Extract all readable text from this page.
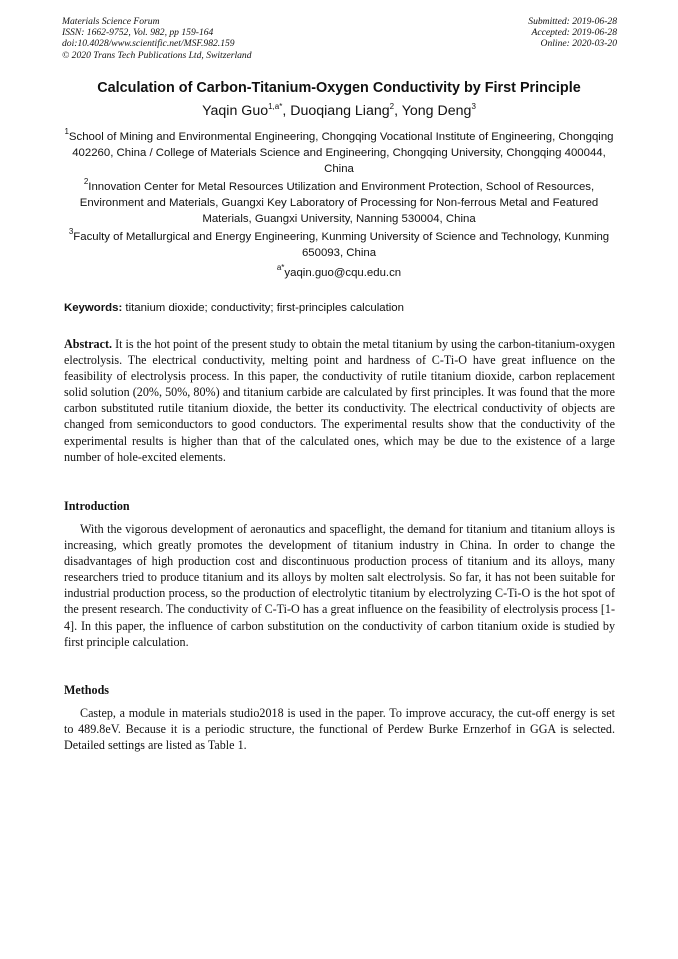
Materials Science Forum
ISSN: 1662-9752, Vol. 982, pp 159-164
doi:10.4028/www.scientific.net/MSF.982.159
© 2020 Trans Tech Publications Ltd, Switzerland
Submitted: 2019-06-28
Accepted: 2019-06-28
Online: 2020-03-20
Calculation of Carbon-Titanium-Oxygen Conductivity by First Principle
Yaqin Guo$^{1,a*}$, Duoqiang Liang$^2$, Yong Deng$^3$
$^1$School of Mining and Environmental Engineering, Chongqing Vocational Institute of Engineering, Chongqing 402260, China / College of Materials Science and Engineering, Chongqing University, Chongqing 400044, China
$^2$Innovation Center for Metal Resources Utilization and Environment Protection, School of Resources, Environment and Materials, Guangxi Key Laboratory of Processing for Non-ferrous Metal and Featured Materials, Guangxi University, Nanning 530004, China
$^3$Faculty of Metallurgical and Energy Engineering, Kunming University of Science and Technology, Kunming 650093, China
$^{a*}$yaqin.guo@cqu.edu.cn
Keywords: titanium dioxide; conductivity; first-principles calculation
Abstract. It is the hot point of the present study to obtain the metal titanium by using the carbon-titanium-oxygen electrolysis. The electrical conductivity, melting point and hardness of C-Ti-O have great influence on the feasibility of electrolysis process. In this paper, the conductivity of rutile titanium dioxide, carbon replacement solid solution (20%, 50%, 80%) and titanium carbide are calculated by first principles. It was found that the more carbon substituted rutile titanium dioxide, the better its conductivity. The electrical conductivity of objects are changed from semiconductors to good conductors. The experimental results show that the conductivity of the experimental results is higher than that of the calculated ones, which may be due to the existence of a large number of hole-excited elements.
Introduction
With the vigorous development of aeronautics and spaceflight, the demand for titanium and titanium alloys is increasing, which greatly promotes the development of titanium industry in China. In order to change the disadvantages of high production cost and discontinuous production process of titanium and its alloys, many researchers tried to produce titanium and its alloys by molten salt electrolysis. So far, it has not been suitable for industrial production process, so the production of electrolytic titanium by electrolyzing C-Ti-O is the hot spot of the present research. The conductivity of C-Ti-O has a great influence on the feasibility of electrolysis process [1-4]. In this paper, the influence of carbon substitution on the conductivity of carbon titanium oxide is studied by first principle calculation.
Methods
Castep, a module in materials studio2018 is used in the paper. To improve accuracy, the cut-off energy is set to 489.8eV. Because it is a periodic structure, the functional of Perdew Burke Ernzerhof in GGA is selected. Detailed settings are listed as Table 1.
